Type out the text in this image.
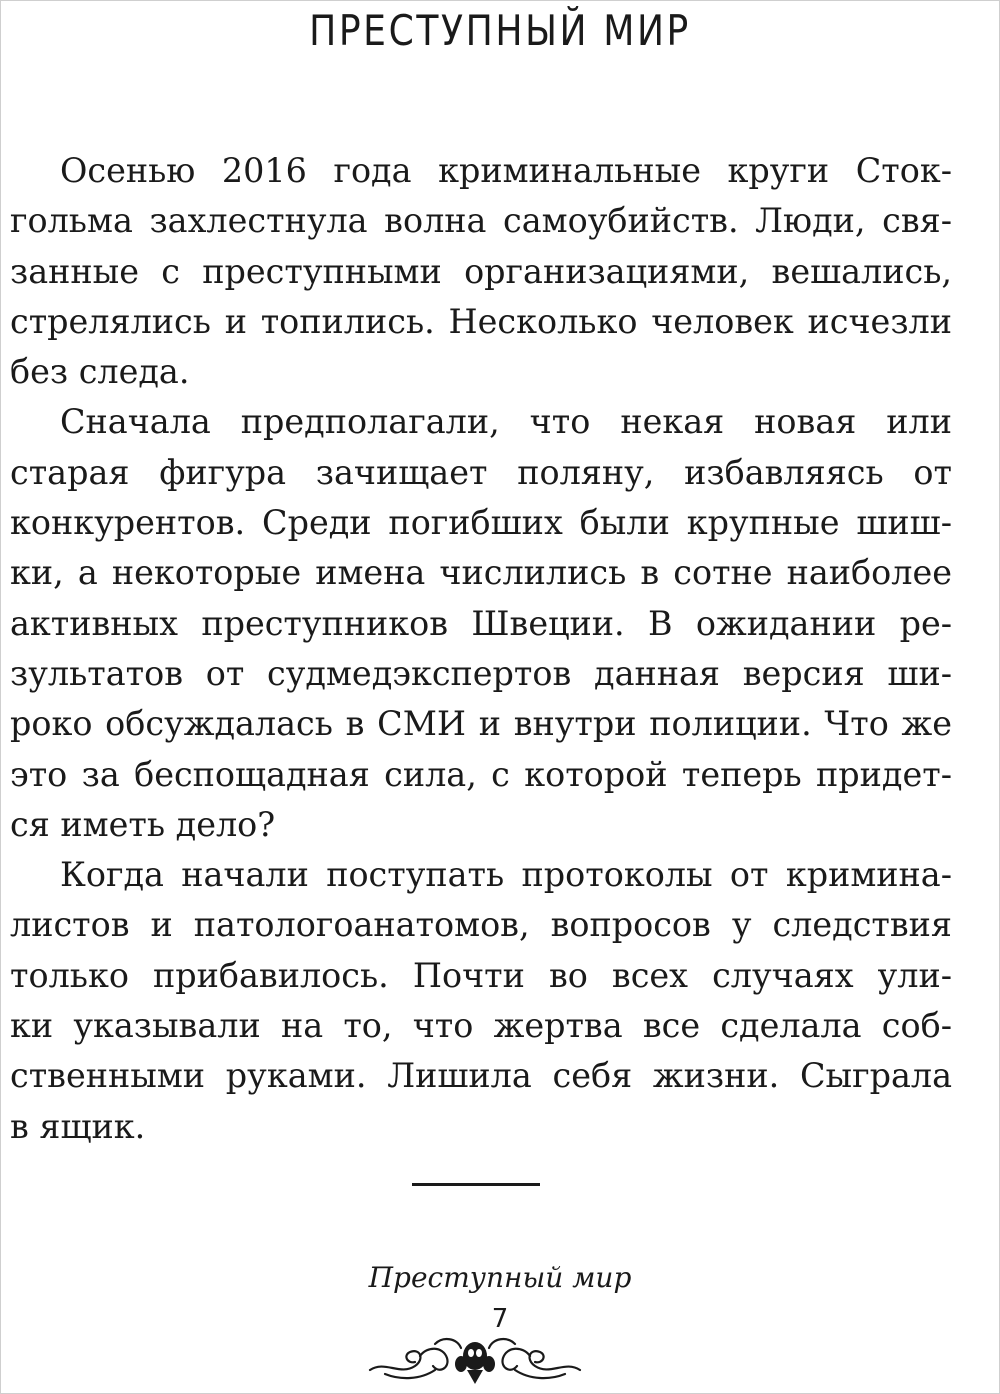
ПРЕСТУПНЫЙ МИР
Осенью 2016 года криминальные круги Сток-
гольма захлестнула волна самоубийств. Люди, свя-
занные с преступными организациями, вешались,
стрелялись и топились. Несколько человек исчезли
без следа.
Сначала предполагали, что некая новая или
старая фигура зачищает поляну, избавляясь от
конкурентов. Среди погибших были крупные шиш-
ки, а некоторые имена числились в сотне наиболее
активных преступников Швеции. В ожидании ре-
зультатов от судмедэкспертов данная версия ши-
роко обсуждалась в СМИ и внутри полиции. Что же
это за беспощадная сила, с которой теперь придет-
ся иметь дело?
Когда начали поступать протоколы от кримина-
листов и патологоанатомов, вопросов у следствия
только прибавилось. Почти во всех случаях ули-
ки указывали на то, что жертва все сделала соб-
ственными руками. Лишила себя жизни. Сыграла
в ящик.
Преступный мир
7
